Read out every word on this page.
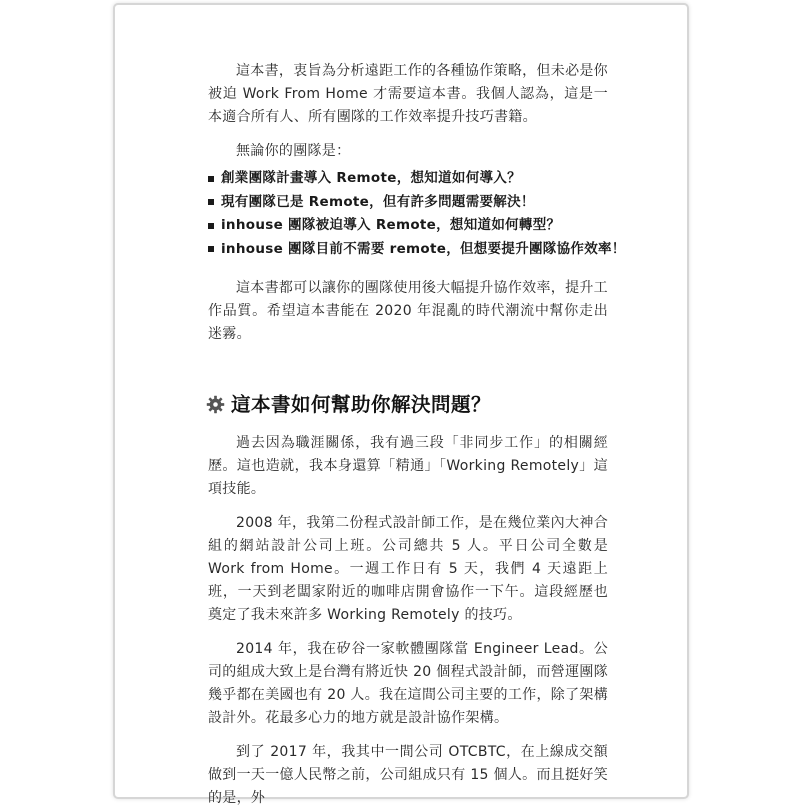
這本書，衷旨為分析遠距工作的各種協作策略，但未必是你被迫 Work From Home 才需要這本書。我個人認為，這是一本適合所有人、所有團隊的工作效率提升技巧書籍。

無論你的團隊是：

創業團隊計畫導入 Remote，想知道如何導入？
現有團隊已是 Remote，但有許多問題需要解決！
inhouse 團隊被迫導入 Remote，想知道如何轉型？
inhouse 團隊目前不需要 remote，但想要提升團隊協作效率！

這本書都可以讓你的團隊使用後大幅提升協作效率，提升工作品質。希望這本書能在 2020 年混亂的時代潮流中幫你走出迷霧。

這本書如何幫助你解決問題？

過去因為職涯關係，我有過三段「非同步工作」的相關經歷。這也造就，我本身還算「精通」「Working Remotely」這項技能。

2008 年，我第二份程式設計師工作，是在幾位業內大神合組的網站設計公司上班。公司總共 5 人。平日公司全數是 Work from Home。一週工作日有 5 天，我們 4 天遠距上班，一天到老闆家附近的咖啡店開會協作一下午。這段經歷也奠定了我未來許多 Working Remotely 的技巧。

2014 年，我在矽谷一家軟體團隊當 Engineer Lead。公司的組成大致上是台灣有將近快 20 個程式設計師，而營運團隊幾乎都在美國也有 20 人。我在這間公司主要的工作，除了架構設計外。花最多心力的地方就是設計協作架構。

到了 2017 年，我其中一間公司 OTCBTC，在上線成交額做到一天一億人民幣之前，公司組成只有 15 個人。而且挺好笑的是，外
